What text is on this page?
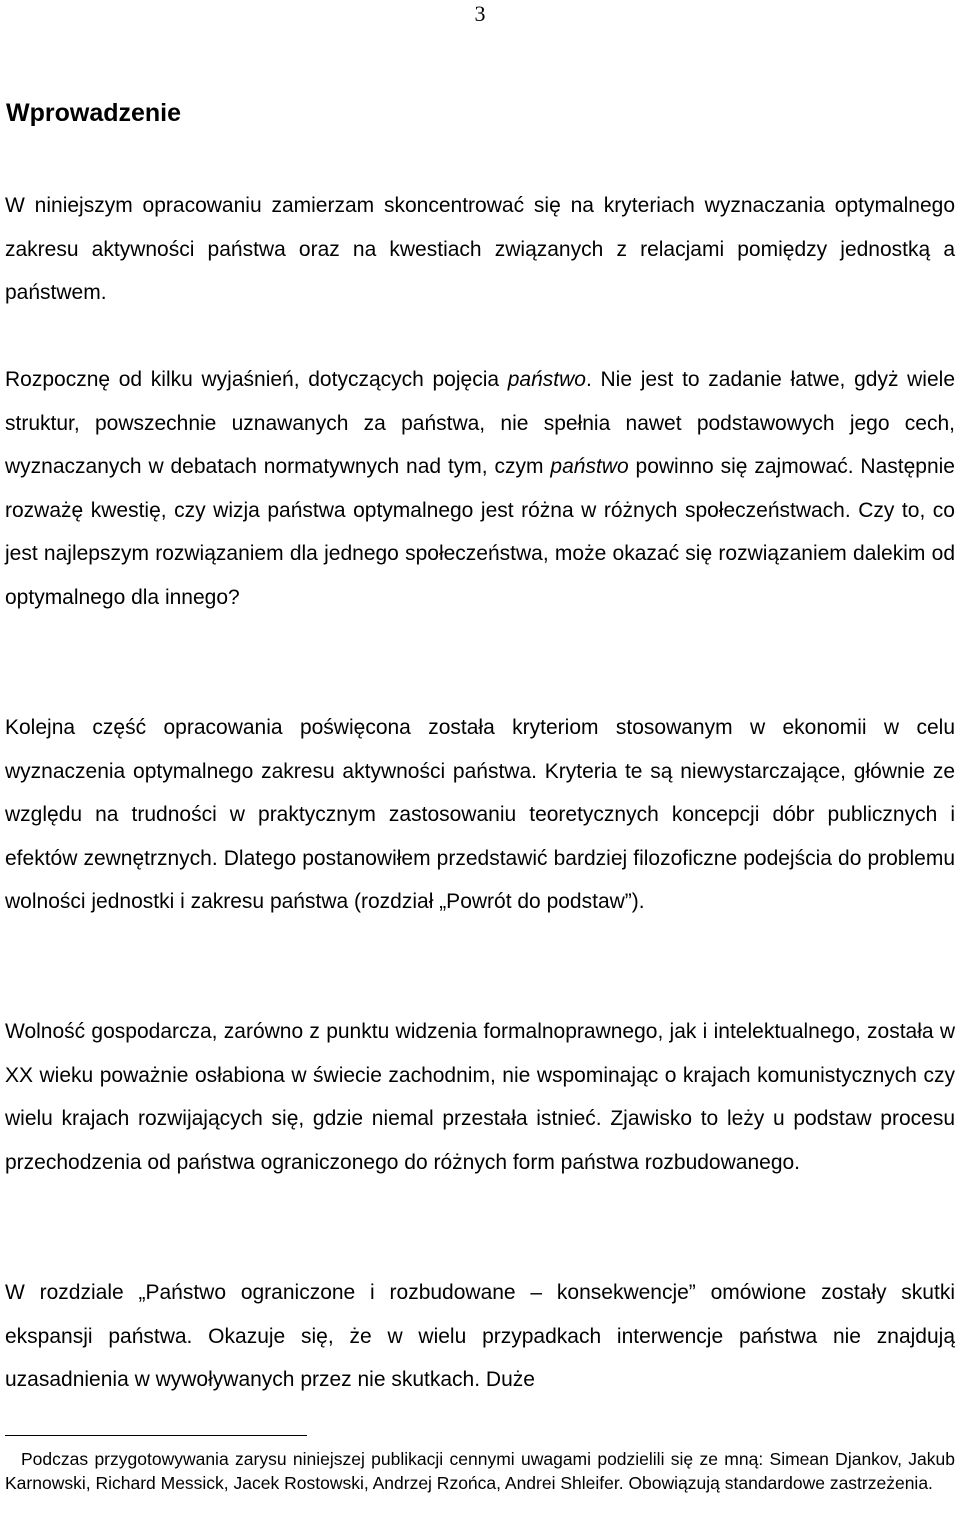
3
Wprowadzenie

W niniejszym opracowaniu zamierzam skoncentrować się na kryteriach wyznaczania optymalnego zakresu aktywności państwa oraz na kwestiach związanych z relacjami pomiędzy jednostką a państwem.

Rozpocznę od kilku wyjaśnień, dotyczących pojęcia państwo. Nie jest to zadanie łatwe, gdyż wiele struktur, powszechnie uznawanych za państwa, nie spełnia nawet podstawowych jego cech, wyznaczanych w debatach normatywnych nad tym, czym państwo powinno się zajmować. Następnie rozważę kwestię, czy wizja państwa optymalnego jest różna w różnych społeczeństwach. Czy to, co jest najlepszym rozwiązaniem dla jednego społeczeństwa, może okazać się rozwiązaniem dalekim od optymalnego dla innego?

Kolejna część opracowania poświęcona została kryteriom stosowanym w ekonomii w celu wyznaczenia optymalnego zakresu aktywności państwa. Kryteria te są niewystarczające, głównie ze względu na trudności w praktycznym zastosowaniu teoretycznych koncepcji dóbr publicznych i efektów zewnętrznych. Dlatego postanowiłem przedstawić bardziej filozoficzne podejścia do problemu wolności jednostki i zakresu państwa (rozdział „Powrót do podstaw”).

Wolność gospodarcza, zarówno z punktu widzenia formalnoprawnego, jak i intelektualnego, została w XX wieku poważnie osłabiona w świecie zachodnim, nie wspominając o krajach komunistycznych czy wielu krajach rozwijających się, gdzie niemal przestała istnieć. Zjawisko to leży u podstaw procesu przechodzenia od państwa ograniczonego do różnych form państwa rozbudowanego.

W rozdziale „Państwo ograniczone i rozbudowane – konsekwencje” omówione zostały skutki ekspansji państwa. Okazuje się, że w wielu przypadkach interwencje państwa nie znajdują uzasadnienia w wywoływanych przez nie skutkach. Duże

Podczas przygotowywania zarysu niniejszej publikacji cennymi uwagami podzielili się ze mną: Simean Djankov, Jakub Karnowski, Richard Messick, Jacek Rostowski, Andrzej Rzońca, Andrei Shleifer. Obowiązują standardowe zastrzeżenia.
